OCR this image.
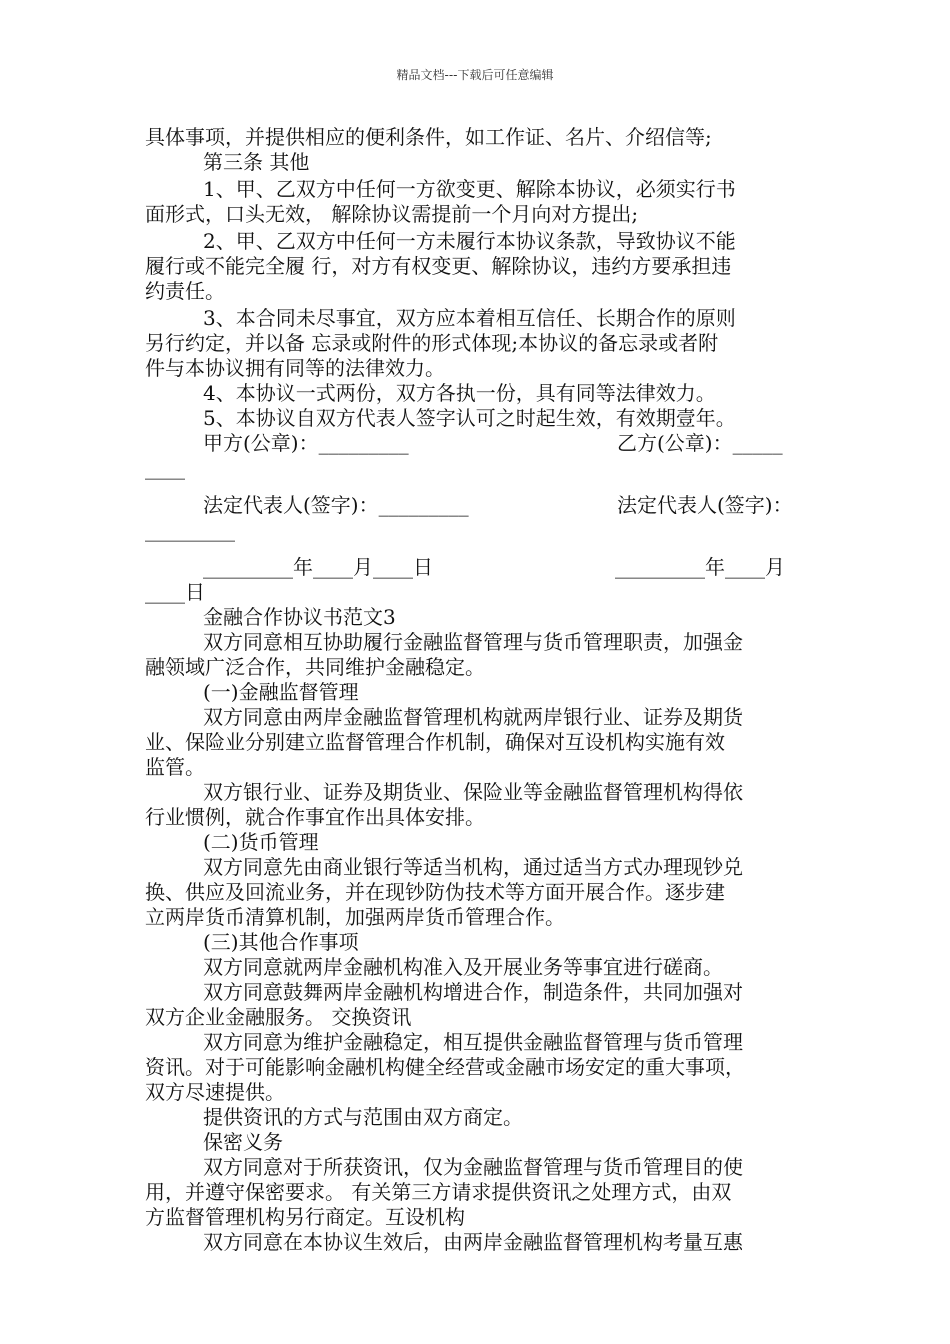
精品文档---下载后可任意编辑
具体事项，并提供相应的便利条件，如工作证、名片、介绍信等;
第三条 其他
1、甲、乙双方中任何一方欲变更、解除本协议，必须实行书
面形式，口头无效， 解除协议需提前一个月向对方提出;
2、甲、乙双方中任何一方未履行本协议条款，导致协议不能
履行或不能完全履 行，对方有权变更、解除协议，违约方要承担违
约责任。
3、本合同未尽事宜，双方应本着相互信任、长期合作的原则
另行约定，并以备 忘录或附件的形式体现;本协议的备忘录或者附
件与本协议拥有同等的法律效力。
4、本协议一式两份，双方各执一份，具有同等法律效力。
5、本协议自双方代表人签字认可之时起生效，有效期壹年。
甲方(公章)：_________	乙方(公章)：_____
____
法定代表人(签字)：_________	法定代表人(签字)：
_________
_________年____月____日	_________年____月
____日
金融合作协议书范文3
双方同意相互协助履行金融监督管理与货币管理职责，加强金
融领域广泛合作，共同维护金融稳定。
(一)金融监督管理
双方同意由两岸金融监督管理机构就两岸银行业、证券及期货
业、保险业分别建立监督管理合作机制，确保对互设机构实施有效
监管。
双方银行业、证券及期货业、保险业等金融监督管理机构得依
行业惯例，就合作事宜作出具体安排。
(二)货币管理
双方同意先由商业银行等适当机构，通过适当方式办理现钞兑
换、供应及回流业务，并在现钞防伪技术等方面开展合作。逐步建
立两岸货币清算机制，加强两岸货币管理合作。
(三)其他合作事项
双方同意就两岸金融机构准入及开展业务等事宜进行磋商。
双方同意鼓舞两岸金融机构增进合作，制造条件，共同加强对
双方企业金融服务。 交换资讯
双方同意为维护金融稳定，相互提供金融监督管理与货币管理
资讯。对于可能影响金融机构健全经营或金融市场安定的重大事项，
双方尽速提供。
提供资讯的方式与范围由双方商定。
保密义务
双方同意对于所获资讯，仅为金融监督管理与货币管理目的使
用，并遵守保密要求。 有关第三方请求提供资讯之处理方式，由双
方监督管理机构另行商定。互设机构
双方同意在本协议生效后，由两岸金融监督管理机构考量互惠
